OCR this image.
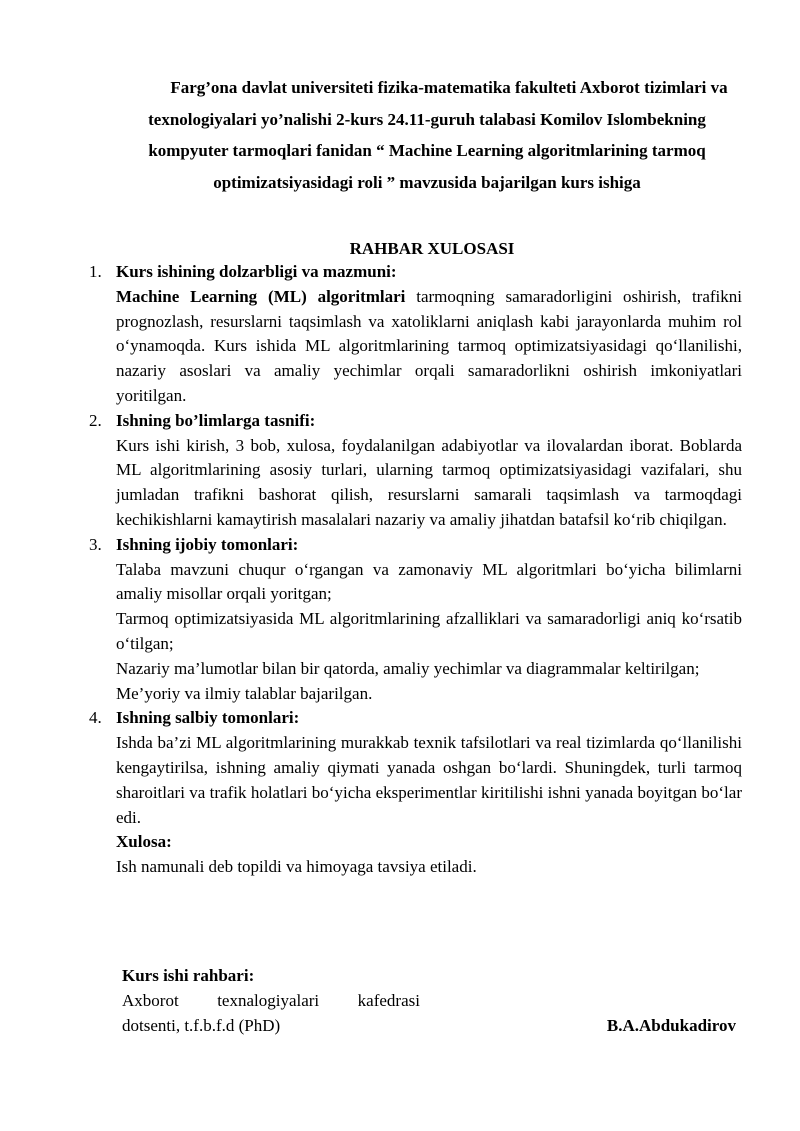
Farg’ona davlat universiteti fizika-matematika fakulteti Axborot tizimlari va texnologiyalari yo’nalishi 2-kurs 24.11-guruh talabasi Komilov Islombekning kompyuter tarmoqlari fanidan “ Machine Learning algoritmlarining tarmoq optimizatsiyasidagi roli ” mavzusida bajarilgan kurs ishiga
RAHBAR XULOSASI
1. Kurs ishining dolzarbligi va mazmuni:
Machine Learning (ML) algoritmlari tarmoqning samaradorligini oshirish, trafikni prognozlash, resurslarni taqsimlash va xatoliklarni aniqlash kabi jarayonlarda muhim rol o‘ynamoqda. Kurs ishida ML algoritmlarining tarmoq optimizatsiyasidagi qo‘llanilishi, nazariy asoslari va amaliy yechimlar orqali samaradorlikni oshirish imkoniyatlari yoritilgan.
2. Ishning bo’limlarga tasnifi:
Kurs ishi kirish, 3 bob, xulosa, foydalanilgan adabiyotlar va ilovalardan iborat. Boblarda ML algoritmlarining asosiy turlari, ularning tarmoq optimizatsiyasidagi vazifalari, shu jumladan trafikni bashorat qilish, resurslarni samarali taqsimlash va tarmoqdagi kechikishlarni kamaytirish masalalari nazariy va amaliy jihatdan batafsil ko‘rib chiqilgan.
3. Ishning ijobiy tomonlari:
Talaba mavzuni chuqur o‘rgangan va zamonaviy ML algoritmlari bo‘yicha bilimlarni amaliy misollar orqali yoritgan;
Tarmoq optimizatsiyasida ML algoritmlarining afzalliklari va samaradorligi aniq ko‘rsatib o‘tilgan;
Nazariy ma’lumotlar bilan bir qatorda, amaliy yechimlar va diagrammalar keltirilgan;
Me’yoriy va ilmiy talablar bajarilgan.
4. Ishning salbiy tomonlari:
Ishda ba’zi ML algoritmlarining murakkab texnik tafsilotlari va real tizimlarda qo‘llanilishi kengaytirilsa, ishning amaliy qiymati yanada oshgan bo‘lardi. Shuningdek, turli tarmoq sharoitlari va trafik holatlari bo‘yicha eksperimentlar kiritilishi ishni yanada boyitgan bo‘lar edi.
Xulosa:
Ish namunali deb topildi va himoyaga tavsiya etiladi.
Kurs ishi rahbari:
Axborot texnalogiyalari kafedrasi
dotsenti, t.f.b.f.d (PhD)	B.A.Abdukadirov
